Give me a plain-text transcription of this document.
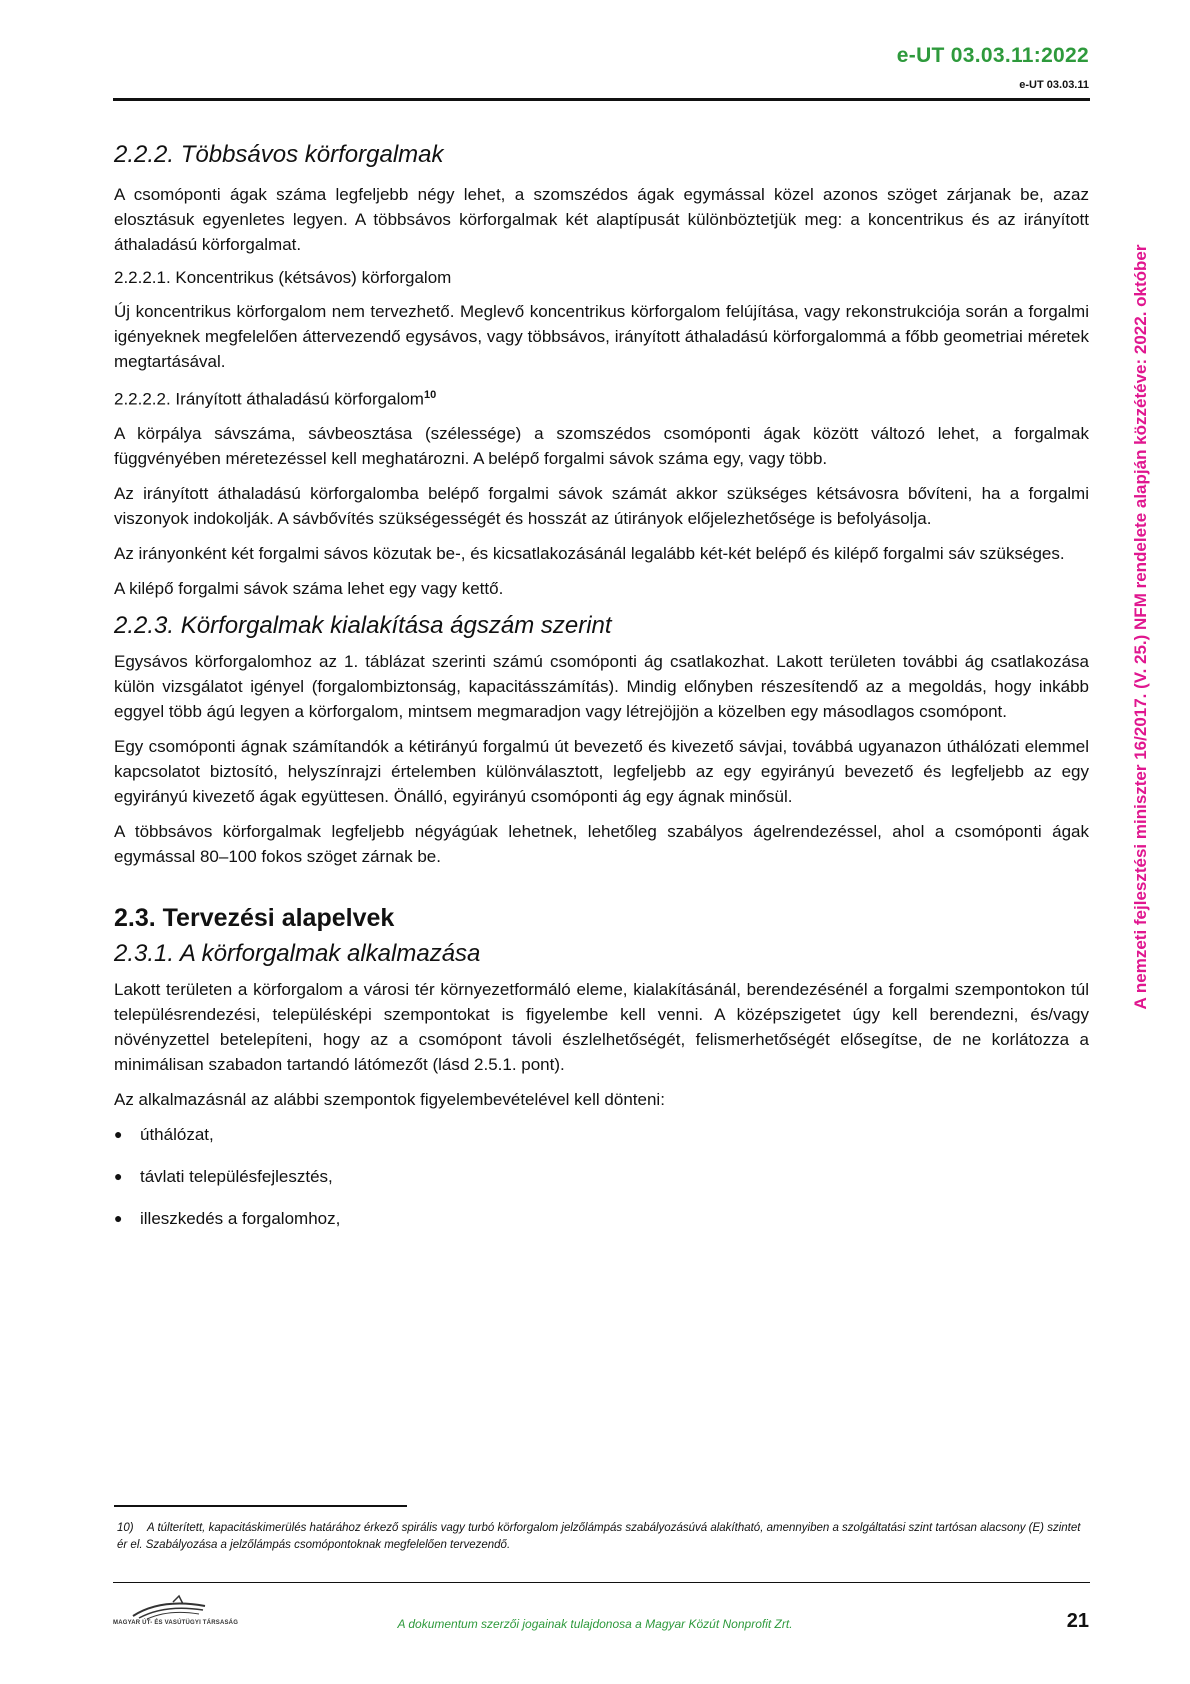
e-UT 03.03.11:2022
e-UT 03.03.11
A nemzeti fejlesztési miniszter 16/2017. (V. 25.) NFM rendelete alapján közzétéve: 2022. október
2.2.2. Többsávos körforgalmak
A csomóponti ágak száma legfeljebb négy lehet, a szomszédos ágak egymással közel azonos szöget zárjanak be, azaz elosztásuk egyenletes legyen. A többsávos körforgalmak két alaptípusát különböztetjük meg: a koncentrikus és az irányított áthaladású körforgalmat.
2.2.2.1. Koncentrikus (kétsávos) körforgalom
Új koncentrikus körforgalom nem tervezhető. Meglevő koncentrikus körforgalom felújítása, vagy rekonstrukciója során a forgalmi igényeknek megfelelően áttervezendő egysávos, vagy többsávos, irányított áthaladású körforgalommá a főbb geometriai méretek megtartásával.
2.2.2.2. Irányított áthaladású körforgalom$^{10}$
A körpálya sávszáma, sávbeosztása (szélessége) a szomszédos csomóponti ágak között változó lehet, a forgalmak függvényében méretezéssel kell meghatározni. A belépő forgalmi sávok száma egy, vagy több.
Az irányított áthaladású körforgalomba belépő forgalmi sávok számát akkor szükséges kétsávosra bővíteni, ha a forgalmi viszonyok indokolják. A sávbővítés szükségességét és hosszát az útirányok előjelezhetősége is befolyásolja.
Az irányonként két forgalmi sávos közutak be-, és kicsatlakozásánál legalább két-két belépő és kilépő forgalmi sáv szükséges.
A kilépő forgalmi sávok száma lehet egy vagy kettő.
2.2.3. Körforgalmak kialakítása ágszám szerint
Egysávos körforgalomhoz az 1. táblázat szerinti számú csomóponti ág csatlakozhat. Lakott területen további ág csatlakozása külön vizsgálatot igényel (forgalombiztonság, kapacitásszámítás). Mindig előnyben részesítendő az a megoldás, hogy inkább eggyel több ágú legyen a körforgalom, mintsem megmaradjon vagy létrejöjjön a közelben egy másodlagos csomópont.
Egy csomóponti ágnak számítandók a kétirányú forgalmú út bevezető és kivezető sávjai, továbbá ugyanazon úthálózati elemmel kapcsolatot biztosító, helyszínrajzi értelemben különválasztott, legfeljebb az egy egyirányú bevezető és legfeljebb az egy egyirányú kivezető ágak együttesen. Önálló, egyirányú csomóponti ág egy ágnak minősül.
A többsávos körforgalmak legfeljebb négyágúak lehetnek, lehetőleg szabályos ágelrendezéssel, ahol a csomóponti ágak egymással 80–100 fokos szöget zárnak be.
2.3. Tervezési alapelvek
2.3.1. A körforgalmak alkalmazása
Lakott területen a körforgalom a városi tér környezetformáló eleme, kialakításánál, berendezésénél a forgalmi szempontokon túl településrendezési, településképi szempontokat is figyelembe kell venni. A középszigetet úgy kell berendezni, és/vagy növényzettel betelepíteni, hogy az a csomópont távoli észlelhetőségét, felismerhetőségét elősegítse, de ne korlátozza a minimálisan szabadon tartandó látómezőt (lásd 2.5.1. pont).
Az alkalmazásnál az alábbi szempontok figyelembevételével kell dönteni:
●	úthálózat,
●	távlati településfejlesztés,
●	illeszkedés a forgalomhoz,
10) A túlterített, kapacitáskimerülés határához érkező spirális vagy turbó körforgalom jelzőlámpás szabályozásúvá alakítható, amennyiben a szolgáltatási szint tartósan alacsony (E) szintet ér el. Szabályozása a jelzőlámpás csomópontoknak megfelelően tervezendő.
MAGYAR ÚT- ÉS VASÚTÜGYI TÁRSASÁG	A dokumentum szerzői jogainak tulajdonosa a Magyar Közút Nonprofit Zrt.	21
